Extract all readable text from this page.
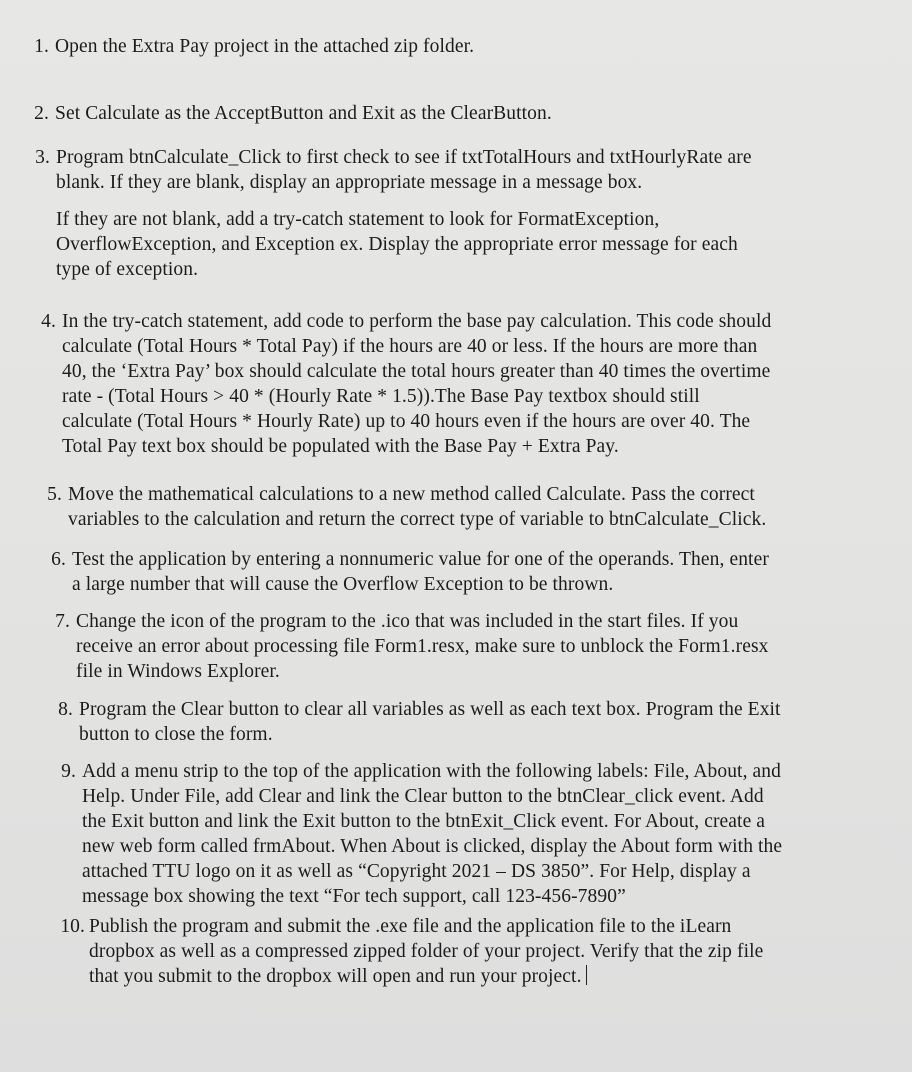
1. Open the Extra Pay project in the attached zip folder.

2. Set Calculate as the AcceptButton and Exit as the ClearButton.

3. Program btnCalculate_Click to first check to see if txtTotalHours and txtHourlyRate are
blank. If they are blank, display an appropriate message in a message box.

If they are not blank, add a try-catch statement to look for FormatException,
OverflowException, and Exception ex. Display the appropriate error message for each
type of exception.

4. In the try-catch statement, add code to perform the base pay calculation. This code should
calculate (Total Hours * Total Pay) if the hours are 40 or less. If the hours are more than
40, the ‘Extra Pay’ box should calculate the total hours greater than 40 times the overtime
rate - (Total Hours > 40 * (Hourly Rate * 1.5)).The Base Pay textbox should still
calculate (Total Hours * Hourly Rate) up to 40 hours even if the hours are over 40. The
Total Pay text box should be populated with the Base Pay + Extra Pay.

5. Move the mathematical calculations to a new method called Calculate. Pass the correct
variables to the calculation and return the correct type of variable to btnCalculate_Click.

6. Test the application by entering a nonnumeric value for one of the operands. Then, enter
a large number that will cause the Overflow Exception to be thrown.

7. Change the icon of the program to the .ico that was included in the start files. If you
receive an error about processing file Form1.resx, make sure to unblock the Form1.resx
file in Windows Explorer.

8. Program the Clear button to clear all variables as well as each text box. Program the Exit
button to close the form.

9. Add a menu strip to the top of the application with the following labels: File, About, and
Help. Under File, add Clear and link the Clear button to the btnClear_click event. Add
the Exit button and link the Exit button to the btnExit_Click event. For About, create a
new web form called frmAbout. When About is clicked, display the About form with the
attached TTU logo on it as well as “Copyright 2021 – DS 3850”. For Help, display a
message box showing the text “For tech support, call 123-456-7890”

10. Publish the program and submit the .exe file and the application file to the iLearn
dropbox as well as a compressed zipped folder of your project. Verify that the zip file
that you submit to the dropbox will open and run your project.
